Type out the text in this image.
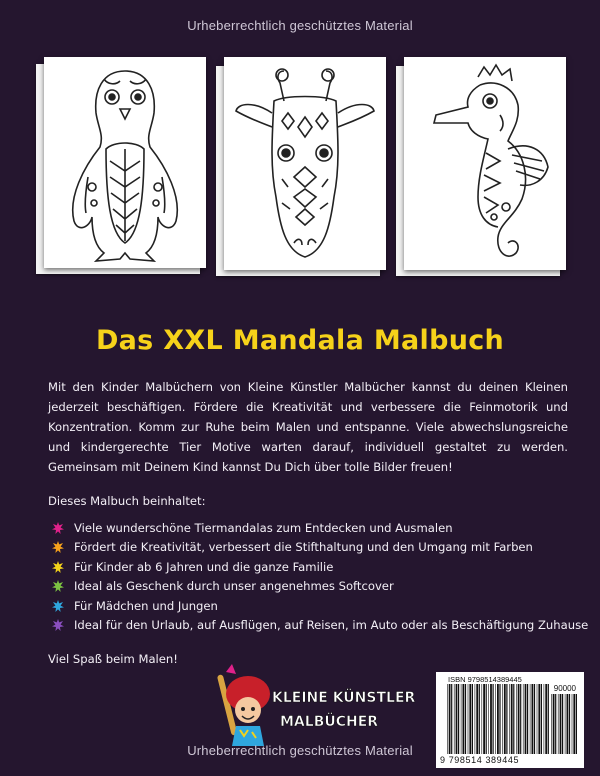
Urheberrechtlich geschütztes Material
Das XXL Mandala Malbuch
Mit den Kinder Malbüchern von Kleine Künstler Malbücher kannst du deinen Kleinen jederzeit beschäftigen. Fördere die Kreativität und verbessere die Feinmotorik und Konzentration. Komm zur Ruhe beim Malen und entspanne. Viele abwechslungsreiche und kindergerechte Tier Motive warten darauf, individuell gestaltet zu werden. Gemeinsam mit Deinem Kind kannst Du Dich über tolle Bilder freuen!
Dieses Malbuch beinhaltet:
Viele wunderschöne Tiermandalas zum Entdecken und Ausmalen
Fördert die Kreativität, verbessert die Stifthaltung und den Umgang mit Farben
Für Kinder ab 6 Jahren und die ganze Familie
Ideal als Geschenk durch unser angenehmes Softcover
Für Mädchen und Jungen
Ideal für den Urlaub, auf Ausflügen, auf Reisen, im Auto oder als Beschäftigung Zuhause
Viel Spaß beim Malen!
KLEINE KÜNSTLER
MALBÜCHER
Urheberrechtlich geschütztes Material
ISBN 9798514389445
90000
9 798514 389445
